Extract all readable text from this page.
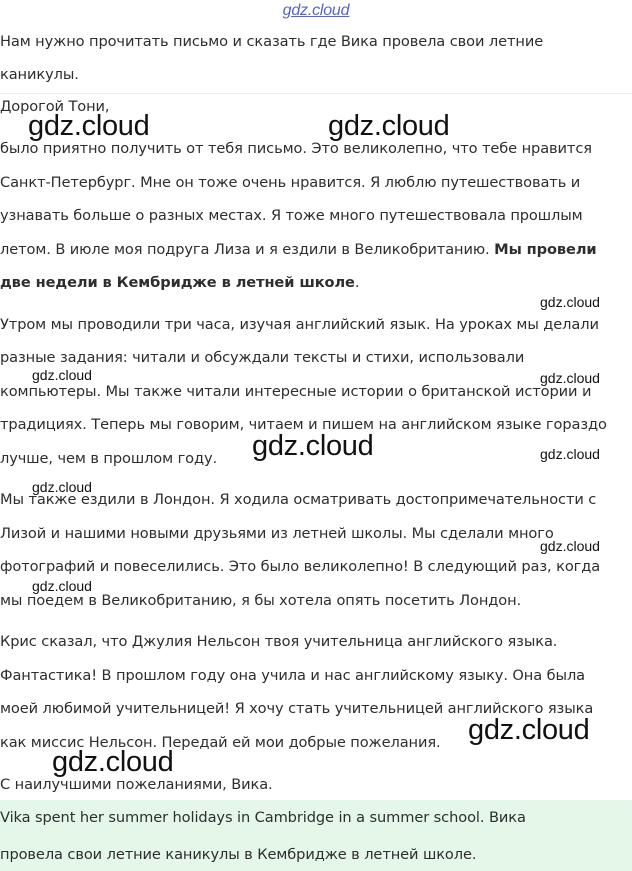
gdz.cloud
Нам нужно прочитать письмо и сказать где Вика провела свои летние
каникулы.
Дорогой Тони,
было приятно получить от тебя письмо. Это великолепно, что тебе нравится
Санкт-Петербург. Мне он тоже очень нравится. Я люблю путешествовать и
узнавать больше о разных местах. Я тоже много путешествовала прошлым
летом. В июле моя подруга Лиза и я ездили в Великобританию. Мы провели
две недели в Кембридже в летней школе.
Утром мы проводили три часа, изучая английский язык. На уроках мы делали
разные задания: читали и обсуждали тексты и стихи, использовали
компьютеры. Мы также читали интересные истории о британской истории и
традициях. Теперь мы говорим, читаем и пишем на английском языке гораздо
лучше, чем в прошлом году.
Мы также ездили в Лондон. Я ходила осматривать достопримечательности с
Лизой и нашими новыми друзьями из летней школы. Мы сделали много
фотографий и повеселились. Это было великолепно! В следующий раз, когда
мы поедем в Великобританию, я бы хотела опять посетить Лондон.
Крис сказал, что Джулия Нельсон твоя учительница английского языка.
Фантастика! В прошлом году она учила и нас английскому языку. Она была
моей любимой учительницей! Я хочу стать учительницей английского языка
как миссис Нельсон. Передай ей мои добрые пожелания.
С наилучшими пожеланиями, Вика.
Vika spent her summer holidays in Cambridge in a summer school. Вика
провела свои летние каникулы в Кембридже в летней школе.
gdz.cloud	gdz.cloud
gdz.cloud
gdz.cloud	gdz.cloud
gdz.cloud	gdz.cloud
gdz.cloud
gdz.cloud
gdz.cloud
gdz.cloud
gdz.cloud
